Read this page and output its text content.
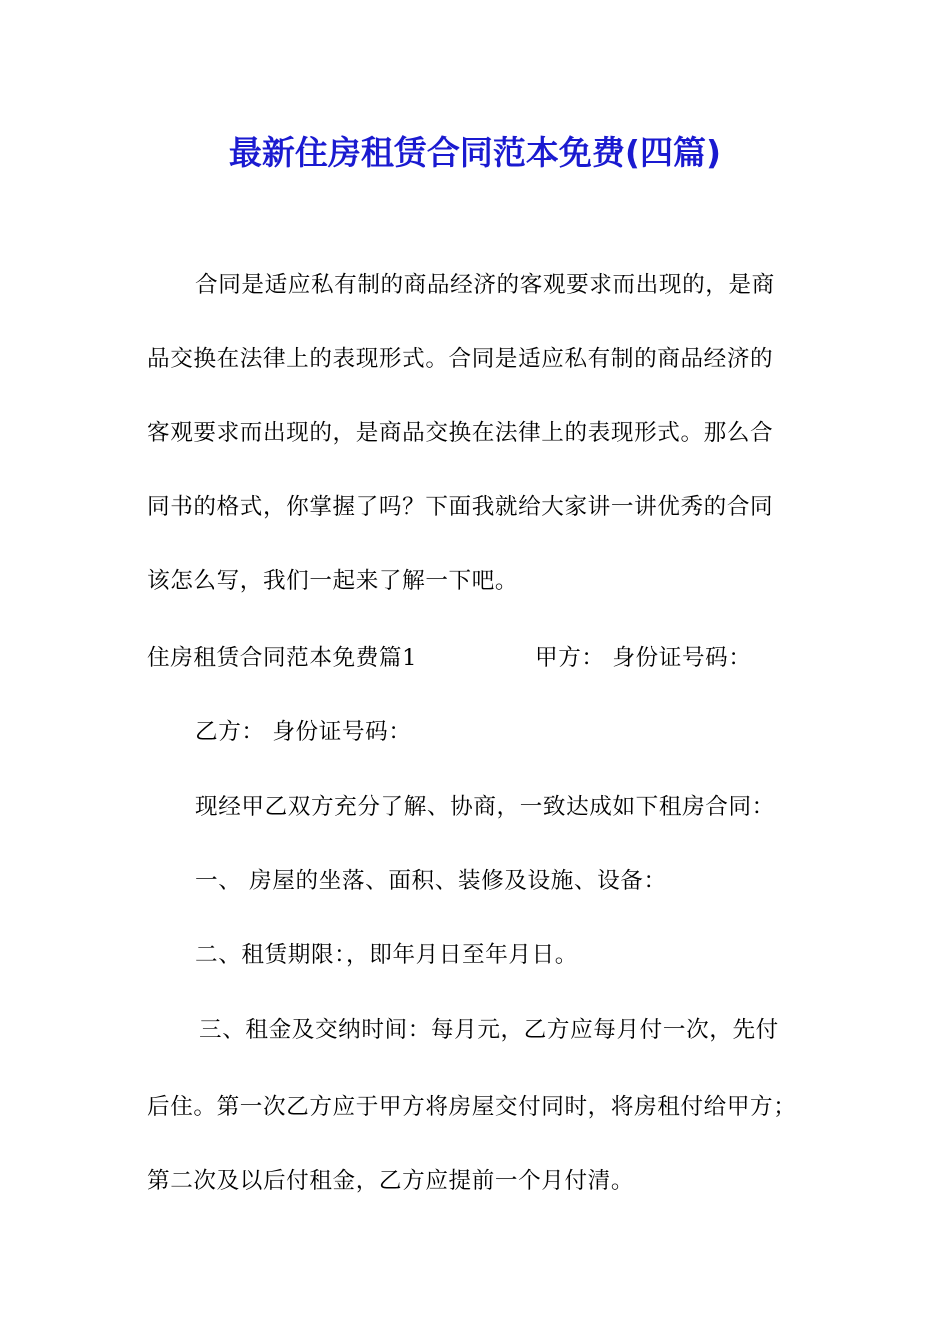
最新住房租赁合同范本免费(四篇)
合同是适应私有制的商品经济的客观要求而出现的，是商
品交换在法律上的表现形式。合同是适应私有制的商品经济的
客观要求而出现的，是商品交换在法律上的表现形式。那么合
同书的格式，你掌握了吗？下面我就给大家讲一讲优秀的合同
该怎么写，我们一起来了解一下吧。
住房租赁合同范本免费篇1	甲方： 身份证号码：
乙方： 身份证号码：
现经甲乙双方充分了解、协商，一致达成如下租房合同：
一、 房屋的坐落、面积、装修及设施、设备：
二、租赁期限：，即年月日至年月日。
三、租金及交纳时间：每月元，乙方应每月付一次，先付
后住。第一次乙方应于甲方将房屋交付同时，将房租付给甲方；
第二次及以后付租金，乙方应提前一个月付清。
